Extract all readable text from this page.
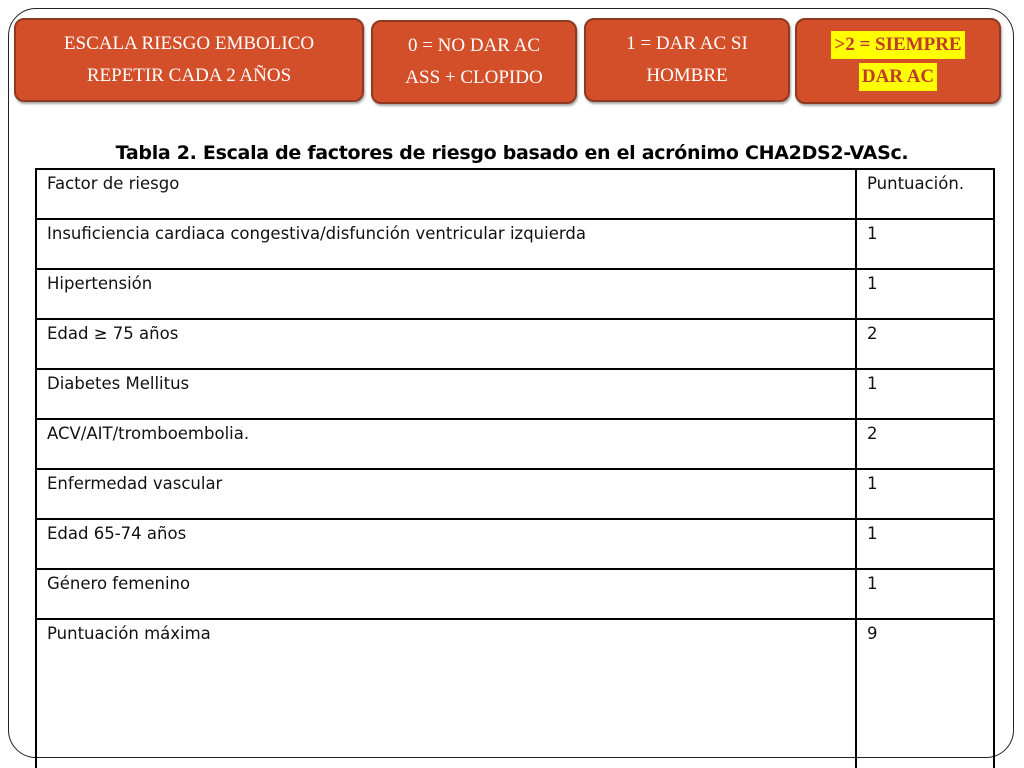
ESCALA RIESGO EMBOLICO
REPETIR CADA 2 AÑOS
0 = NO DAR AC
ASS + CLOPIDO
1 = DAR AC SI
HOMBRE
>2 = SIEMPRE
DAR AC
Tabla 2. Escala de factores de riesgo basado en el acrónimo CHA2DS2-VASc.
Factor de riesgo	Puntuación.
Insuficiencia cardiaca congestiva/disfunción ventricular izquierda	1
Hipertensión	1
Edad ≥ 75 años	2
Diabetes Mellitus	1
ACV/AIT/tromboembolia.	2
Enfermedad vascular	1
Edad 65-74 años	1
Género femenino	1
Puntuación máxima	9
